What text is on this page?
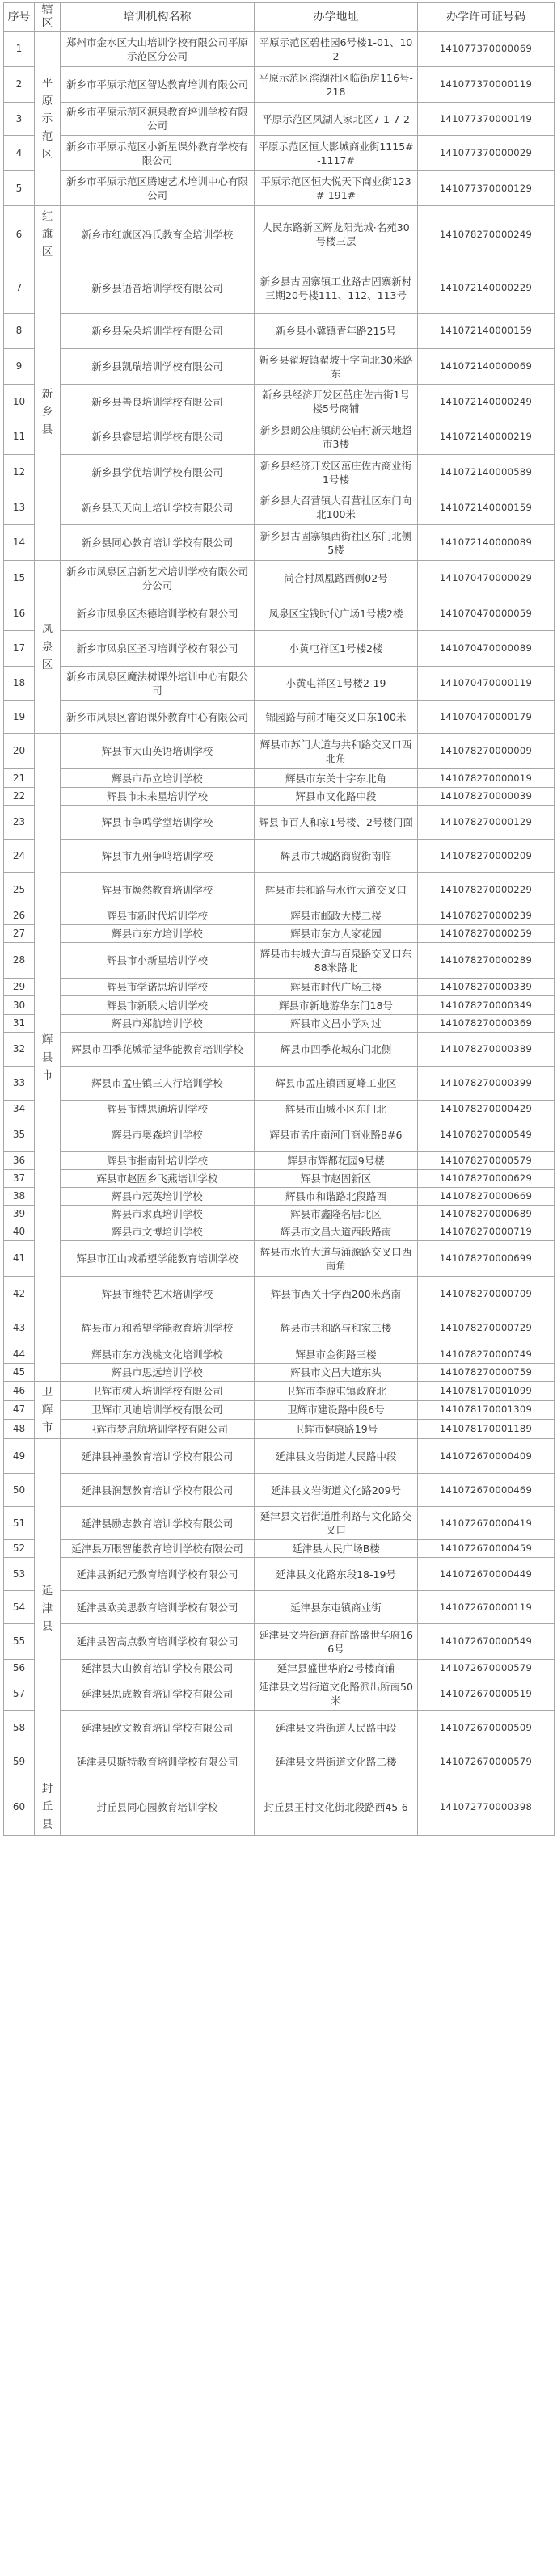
序号	辖区	培训机构名称	办学地址	办学许可证号码
1	平原示范区	郑州市金水区大山培训学校有限公司平原示范区分公司	平原示范区碧桂园6号楼1-01、102	141077370000069
2		新乡市平原示范区智达教育培训有限公司	平原示范区滨湖社区临街房116号-218	141077370000119
3		新乡市平原示范区源泉教育培训学校有限公司	平原示范区凤湖人家北区7-1-7-2	141077370000149
4		新乡市平原示范区小新星课外教育学校有限公司	平原示范区恒大影城商业街1115#-1117#	141077370000029
5		新乡市平原示范区腾速艺术培训中心有限公司	平原示范区恒大悦天下商业街123#-191#	141077370000129
6	红旗区	新乡市红旗区冯氏教育全培训学校	人民东路新区辉龙阳光城·名苑30号楼三层	141078270000249
7	新乡县	新乡县语音培训学校有限公司	新乡县古固寨镇工业路古固寨新村三期20号楼111、112、113号	141072140000229
8		新乡县朵朵培训学校有限公司	新乡县小冀镇青年路215号	141072140000159
9		新乡县凯瑞培训学校有限公司	新乡县翟坡镇翟坡十字向北30米路东	141072140000069
10		新乡县善良培训学校有限公司	新乡县经济开发区茁庄佐古街1号楼5号商铺	141072140000249
11		新乡县睿思培训学校有限公司	新乡县朗公庙镇朗公庙村新天地超市3楼	141072140000219
12		新乡县学优培训学校有限公司	新乡县经济开发区茁庄佐古商业街1号楼	141072140000589
13		新乡县天天向上培训学校有限公司	新乡县大召营镇大召营社区东门向北100米	141072140000159
14		新乡县同心教育培训学校有限公司	新乡县古固寨镇西街社区东门北侧5楼	141072140000089
15	凤泉区	新乡市凤泉区启新艺术培训学校有限公司分公司	尚合村凤凰路西侧02号	141070470000029
16		新乡市凤泉区杰德培训学校有限公司	凤泉区宝钱时代广场1号楼2楼	141070470000059
17		新乡市凤泉区圣习培训学校有限公司	小黄屯祥区1号楼2楼	141070470000089
18		新乡市凤泉区魔法树课外培训中心有限公司	小黄屯祥区1号楼2-19	141070470000119
19		新乡市凤泉区睿语课外教育中心有限公司	锦园路与前才庵交叉口东100米	141070470000179
20	辉县市	辉县市大山英语培训学校	辉县市苏门大道与共和路交叉口西北角	141078270000009
21		辉县市昂立培训学校	辉县市东关十字东北角	141078270000019
22		辉县市未来星培训学校	辉县市文化路中段	141078270000039
23		辉县市争鸣学堂培训学校	辉县市百人和家1号楼、2号楼门面	141078270000129
24		辉县市九州争鸣培训学校	辉县市共城路商贸街南临	141078270000209
25		辉县市焕然教育培训学校	辉县市共和路与水竹大道交叉口	141078270000229
26		辉县市新时代培训学校	辉县市邮政大楼二楼	141078270000239
27		辉县市东方培训学校	辉县市东方人家花园	141078270000259
28		辉县市小新星培训学校	辉县市共城大道与百泉路交叉口东88米路北	141078270000289
29		辉县市学诺思培训学校	辉县市时代广场三楼	141078270000339
30		辉县市新联大培训学校	辉县市新地游华东门18号	141078270000349
31		辉县市郑航培训学校	辉县市文昌小学对过	141078270000369
32		辉县市四季花城希望华能教育培训学校	辉县市四季花城东门北侧	141078270000389
33		辉县市孟庄镇三人行培训学校	辉县市孟庄镇西夏峰工业区	141078270000399
34		辉县市博思通培训学校	辉县市山城小区东门北	141078270000429
35		辉县市奥森培训学校	辉县市孟庄南河门商业路8#6	141078270000549
36		辉县市指南针培训学校	辉县市辉都花园9号楼	141078270000579
37		辉县市赵固乡飞燕培训学校	辉县市赵固新区	141078270000629
38		辉县市冠英培训学校	辉县市和谐路北段路西	141078270000669
39		辉县市求真培训学校	辉县市鑫隆名居北区	141078270000689
40		辉县市文博培训学校	辉县市文昌大道西段路南	141078270000719
41		辉县市江山城希望学能教育培训学校	辉县市水竹大道与涌源路交叉口西南角	141078270000699
42		辉县市维特艺术培训学校	辉县市西关十字西200米路南	141078270000709
43		辉县市万和希望学能教育培训学校	辉县市共和路与和家三楼	141078270000729
44		辉县市东方浅桃文化培训学校	辉县市金街路三楼	141078270000749
45		辉县市思远培训学校	辉县市文昌大道东头	141078270000759
46	卫辉市	卫辉市树人培训学校有限公司	卫辉市李源屯镇政府北	141078170001099
47		卫辉市贝迪培训学校有限公司	卫辉市建设路中段6号	141078170001309
48		卫辉市梦启航培训学校有限公司	卫辉市健康路19号	141078170001189
49	延津县	延津县神墨教育培训学校有限公司	延津县文岩街道人民路中段	141072670000409
50		延津县润慧教育培训学校有限公司	延津县文岩街道文化路209号	141072670000469
51		延津县励志教育培训学校有限公司	延津县文岩街道胜利路与文化路交叉口	141072670000419
52		延津县万眼智能教育培训学校有限公司	延津县人民广场B楼	141072670000459
53		延津县新纪元教育培训学校有限公司	延津县文化路东段18-19号	141072670000449
54		延津县欧美思教育培训学校有限公司	延津县东屯镇商业街	141072670000119
55		延津县智高点教育培训学校有限公司	延津县文岩街道府前路盛世华府166号	141072670000549
56		延津县大山教育培训学校有限公司	延津县盛世华府2号楼商铺	141072670000579
57		延津县思成教育培训学校有限公司	延津县文岩街道文化路派出所南50米	141072670000519
58		延津县欧文教育培训学校有限公司	延津县文岩街道人民路中段	141072670000509
59		延津县贝斯特教育培训学校有限公司	延津县文岩街道文化路二楼	141072670000579
60	封丘县	封丘县同心园教育培训学校	封丘县王村文化街北段路西45-6	141072770000398
